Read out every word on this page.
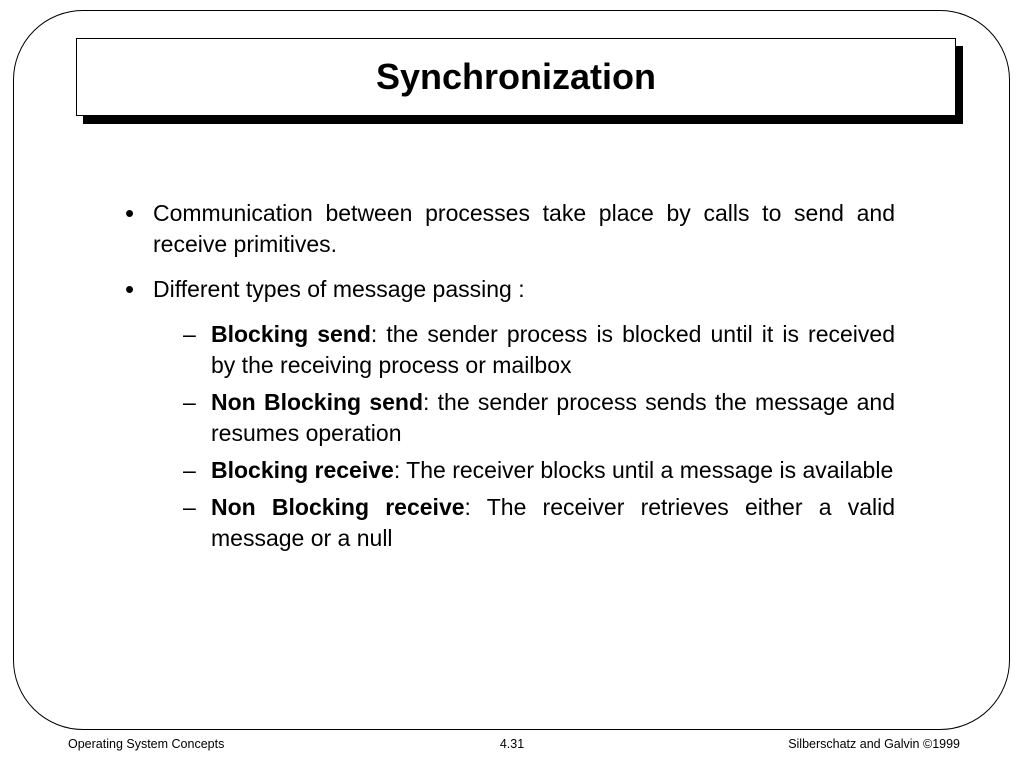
Synchronization
• Communication between processes take place by calls to send and receive primitives.
• Different types of message passing :
– Blocking send: the sender process is blocked until it is received by the receiving process or mailbox
– Non Blocking send: the sender process sends the message and resumes operation
– Blocking receive: The receiver blocks until a message is available
– Non Blocking receive: The receiver retrieves either a valid message or a null
Operating System Concepts	4.31	Silberschatz and Galvin ©1999
